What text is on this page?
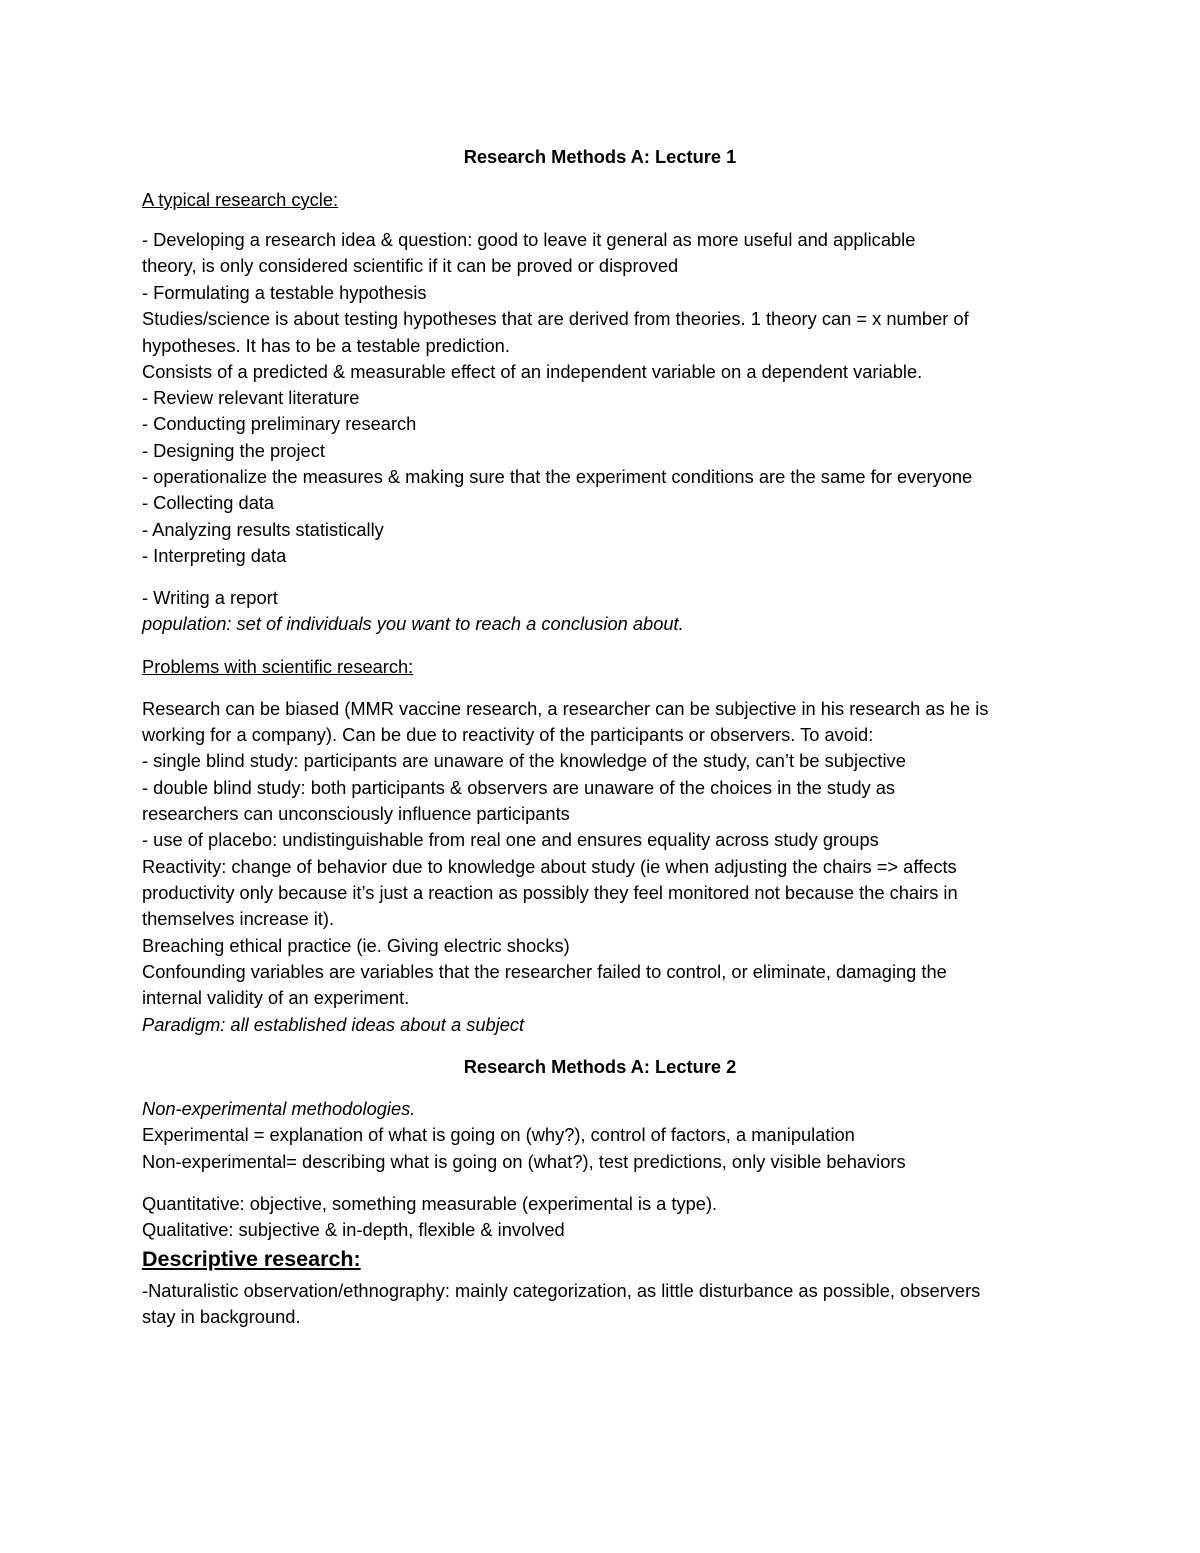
Research Methods A: Lecture 1

A typical research cycle:

- Developing a research idea & question: good to leave it general as more useful and applicable

theory, is only considered scientific if it can be proved or disproved

- Formulating a testable hypothesis

Studies/science is about testing hypotheses that are derived from theories. 1 theory can = x number of

hypotheses. It has to be a testable prediction.

Consists of a predicted & measurable effect of an independent variable on a dependent variable.

- Review relevant literature

- Conducting preliminary research

- Designing the project

- operationalize the measures & making sure that the experiment conditions are the same for everyone

- Collecting data

- Analyzing results statistically

- Interpreting data

- Writing a report

population: set of individuals you want to reach a conclusion about.

Problems with scientific research:

Research can be biased (MMR vaccine research, a researcher can be subjective in his research as he is

working for a company). Can be due to reactivity of the participants or observers. To avoid:

- single blind study: participants are unaware of the knowledge of the study, can’t be subjective

- double blind study: both participants & observers are unaware of the choices in the study as

researchers can unconsciously influence participants

- use of placebo: undistinguishable from real one and ensures equality across study groups

Reactivity: change of behavior due to knowledge about study (ie when adjusting the chairs => affects

productivity only because it’s just a reaction as possibly they feel monitored not because the chairs in

themselves increase it).

Breaching ethical practice (ie. Giving electric shocks)

Confounding variables are variables that the researcher failed to control, or eliminate, damaging the

internal validity of an experiment.

Paradigm: all established ideas about a subject

Research Methods A: Lecture 2

Non-experimental methodologies.

Experimental = explanation of what is going on (why?), control of factors, a manipulation

Non-experimental= describing what is going on (what?), test predictions, only visible behaviors

Quantitative: objective, something measurable (experimental is a type).

Qualitative: subjective & in-depth, flexible & involved

Descriptive research:

-Naturalistic observation/ethnography: mainly categorization, as little disturbance as possible, observers

stay in background.
